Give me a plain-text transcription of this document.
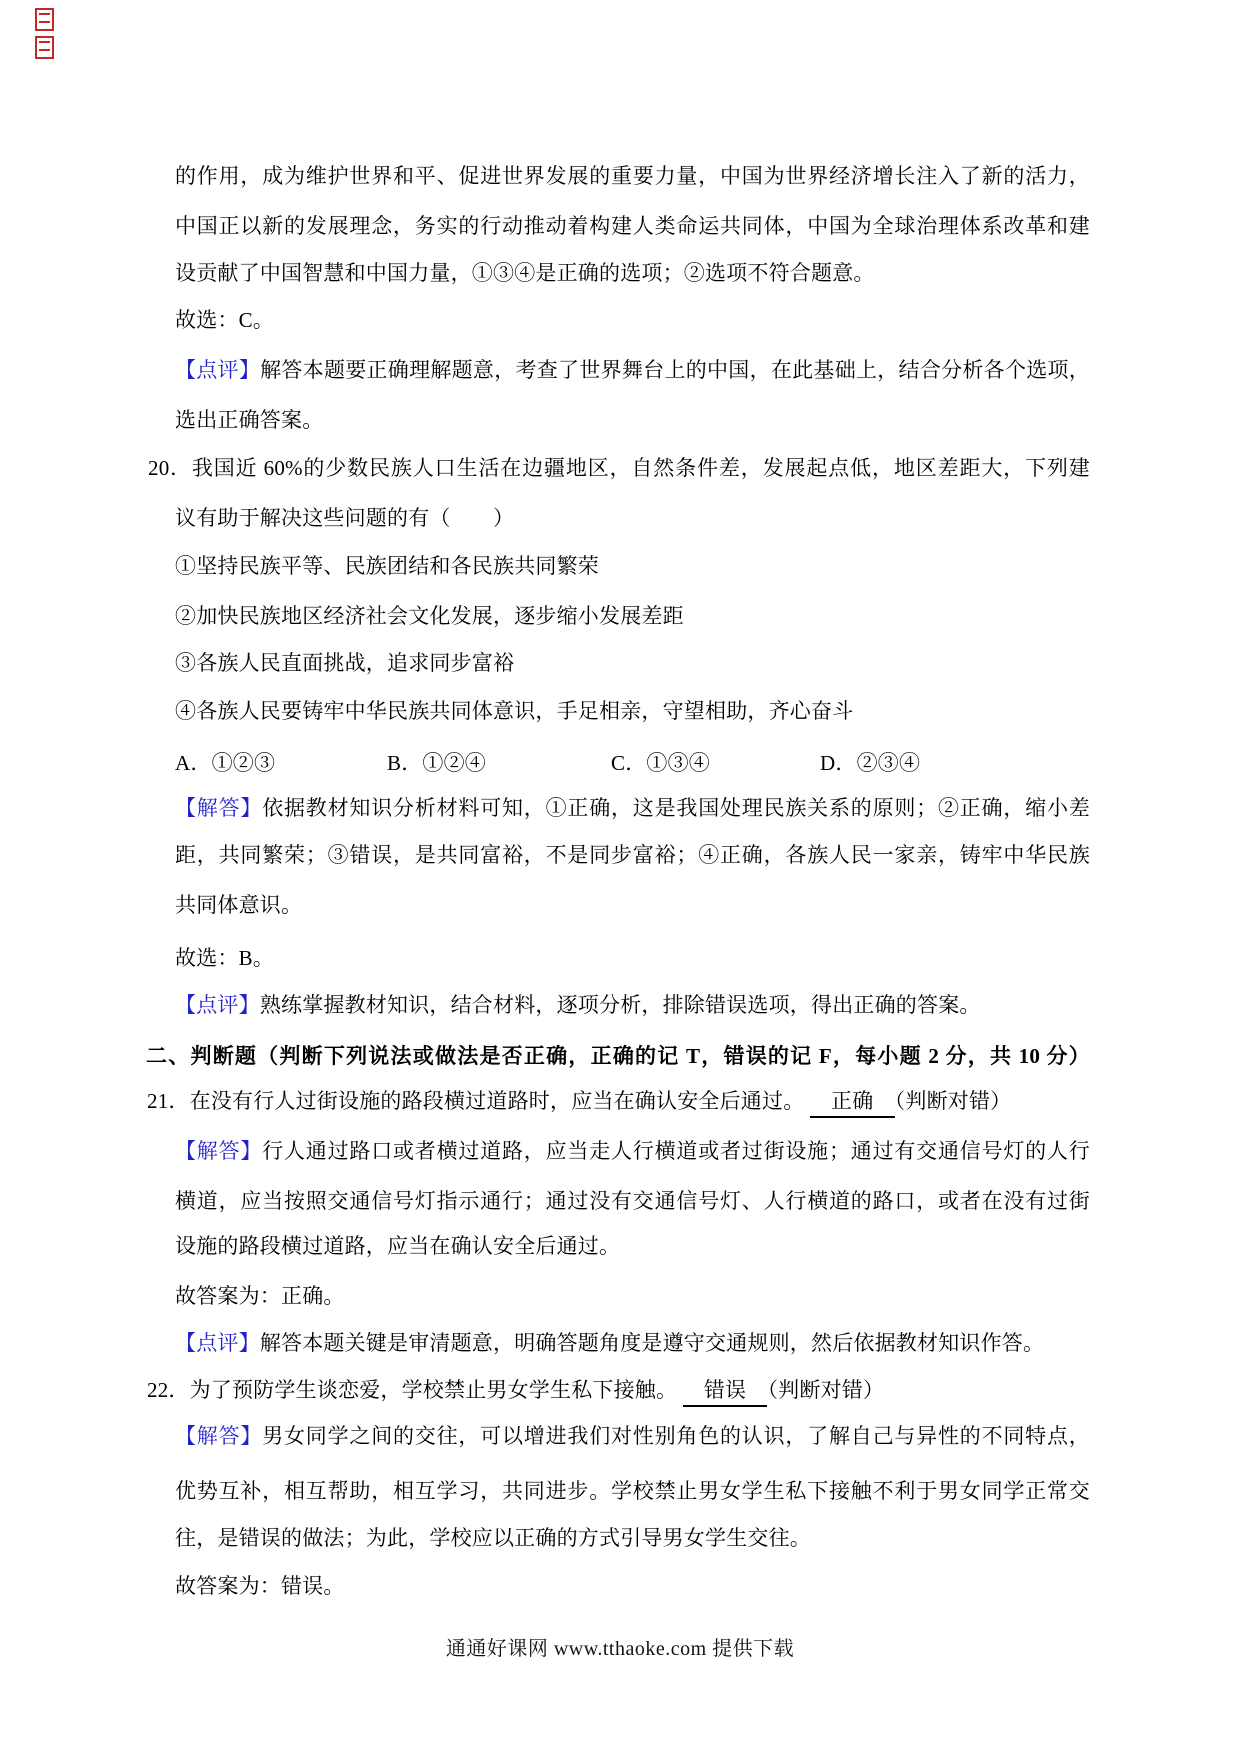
的作用，成为维护世界和平、促进世界发展的重要力量，中国为世界经济增长注入了新的活力，
中国正以新的发展理念，务实的行动推动着构建人类命运共同体，中国为全球治理体系改革和建
设贡献了中国智慧和中国力量，①③④是正确的选项；②选项不符合题意。
故选：C。
【点评】解答本题要正确理解题意，考查了世界舞台上的中国，在此基础上，结合分析各个选项，
选出正确答案。
20．我国近 60%的少数民族人口生活在边疆地区，自然条件差，发展起点低，地区差距大，下列建
议有助于解决这些问题的有（　　）
①坚持民族平等、民族团结和各民族共同繁荣
②加快民族地区经济社会文化发展，逐步缩小发展差距
③各族人民直面挑战，追求同步富裕
④各族人民要铸牢中华民族共同体意识，手足相亲，守望相助，齐心奋斗
A．①②③	B．①②④	C．①③④	D．②③④
【解答】依据教材知识分析材料可知，①正确，这是我国处理民族关系的原则；②正确，缩小差
距，共同繁荣；③错误，是共同富裕，不是同步富裕；④正确，各族人民一家亲，铸牢中华民族
共同体意识。
故选：B。
【点评】熟练掌握教材知识，结合材料，逐项分析，排除错误选项，得出正确的答案。
二、判断题（判断下列说法或做法是否正确，正确的记 T，错误的记 F，每小题 2 分，共 10 分）
21．在没有行人过街设施的路段横过道路时，应当在确认安全后通过。 　正确　（判断对错）
【解答】行人通过路口或者横过道路，应当走人行横道或者过街设施；通过有交通信号灯的人行
横道，应当按照交通信号灯指示通行；通过没有交通信号灯、人行横道的路口，或者在没有过街
设施的路段横过道路，应当在确认安全后通过。
故答案为：正确。
【点评】解答本题关键是审清题意，明确答题角度是遵守交通规则，然后依据教材知识作答。
22．为了预防学生谈恋爱，学校禁止男女学生私下接触。 　错误　（判断对错）
【解答】男女同学之间的交往，可以增进我们对性别角色的认识，了解自己与异性的不同特点，
优势互补，相互帮助，相互学习，共同进步。学校禁止男女学生私下接触不利于男女同学正常交
往，是错误的做法；为此，学校应以正确的方式引导男女学生交往。
故答案为：错误。
通通好课网 www.tthaoke.com 提供下载
